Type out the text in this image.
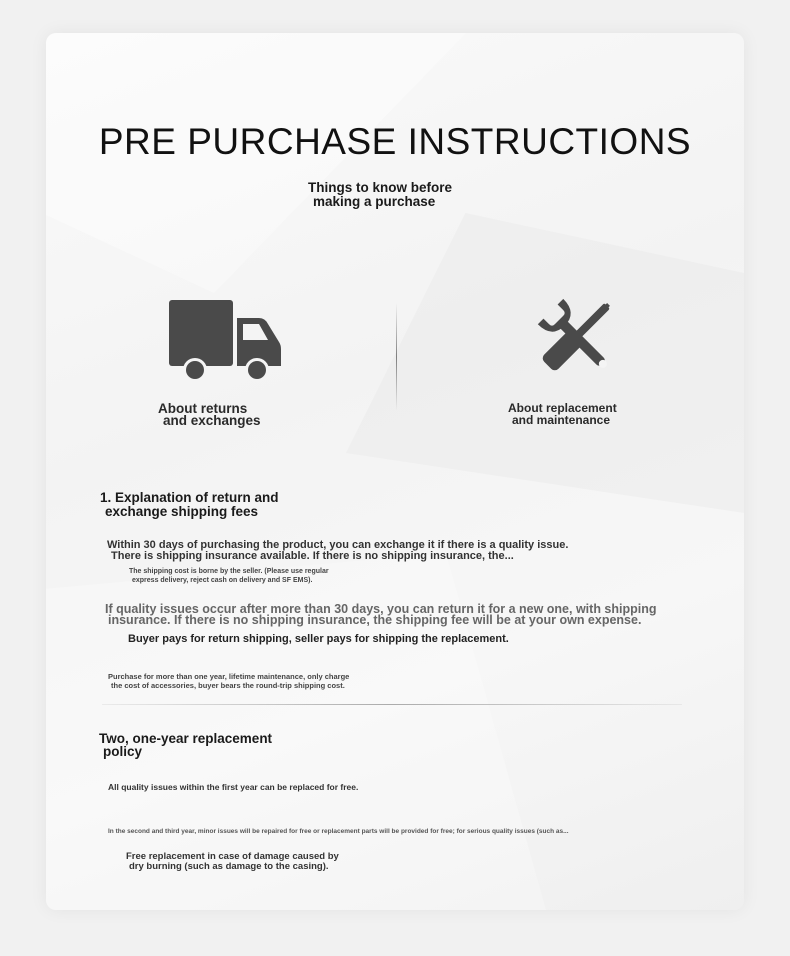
PRE PURCHASE INSTRUCTIONS
Things to know before
making a purchase
About returns
and exchanges
About replacement
and maintenance
1. Explanation of return and
exchange shipping fees
Within 30 days of purchasing the product, you can exchange it if there is a quality issue.
There is shipping insurance available. If there is no shipping insurance, the...
The shipping cost is borne by the seller. (Please use regular
express delivery, reject cash on delivery and SF EMS).
If quality issues occur after more than 30 days, you can return it for a new one, with shipping
insurance. If there is no shipping insurance, the shipping fee will be at your own expense.
Buyer pays for return shipping, seller pays for shipping the replacement.
Purchase for more than one year, lifetime maintenance, only charge
the cost of accessories, buyer bears the round-trip shipping cost.
Two, one-year replacement
policy
All quality issues within the first year can be replaced for free.
In the second and third year, minor issues will be repaired for free or replacement parts will be provided for free; for serious quality issues (such as...
Free replacement in case of damage caused by
dry burning (such as damage to the casing).
